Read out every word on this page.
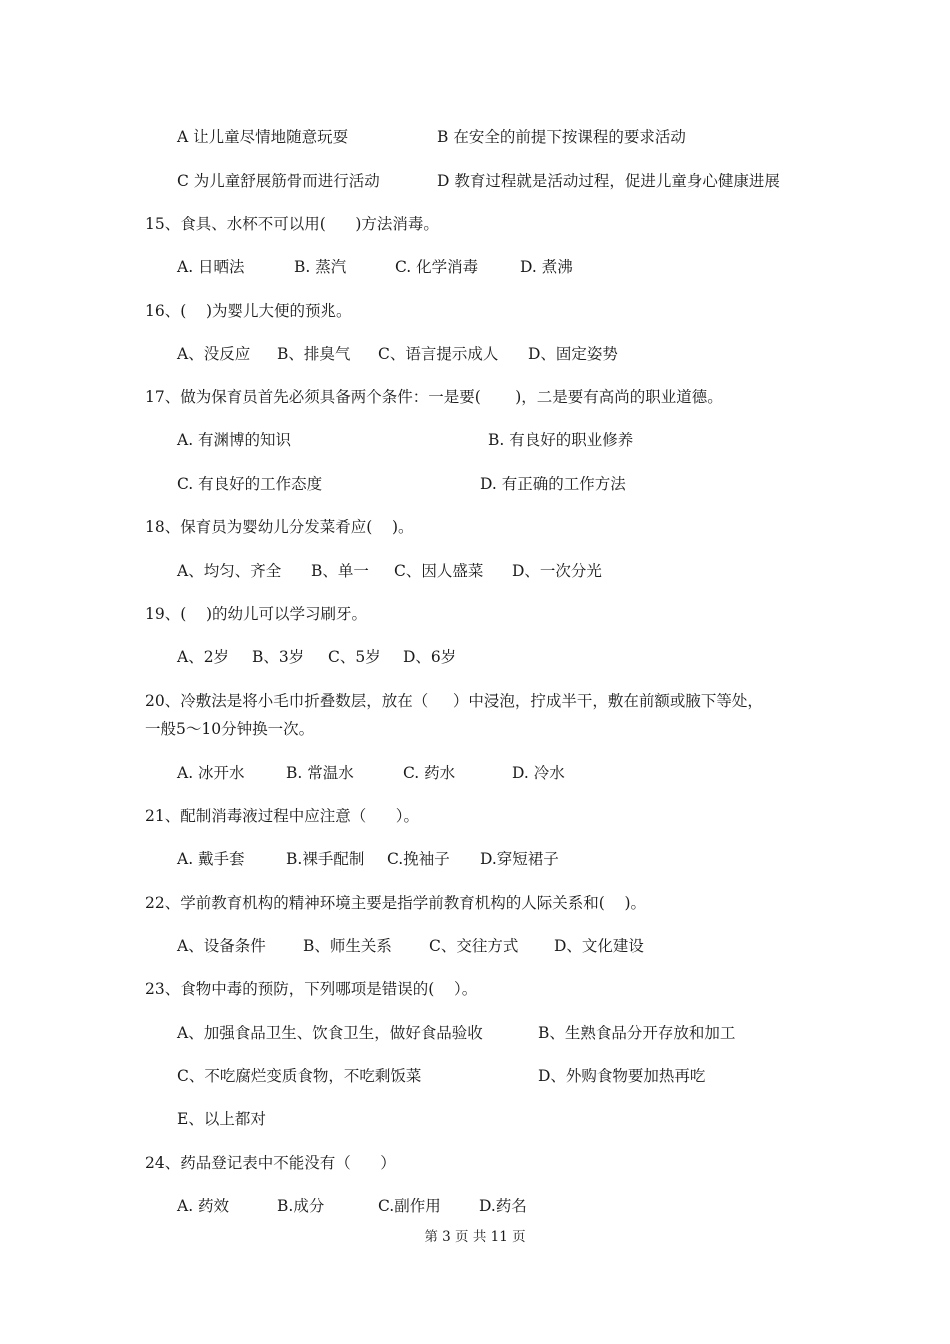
A 让儿童尽情地随意玩耍	B 在安全的前提下按课程的要求活动
C 为儿童舒展筋骨而进行活动	D 教育过程就是活动过程，促进儿童身心健康进展
15、食具、水杯不可以用(      )方法消毒。
A. 日晒法	B. 蒸汽	C. 化学消毒	D. 煮沸
16、(    )为婴儿大便的预兆。
A、没反应 B、排臭气 C、语言提示成人 D、固定姿势
17、做为保育员首先必须具备两个条件：一是要(       )，二是要有高尚的职业道德。
A. 有渊博的知识	B. 有良好的职业修养
C. 有良好的工作态度	D. 有正确的工作方法
18、保育员为婴幼儿分发菜肴应(    )。
A、均匀、齐全 B、单一 C、因人盛菜 D、一次分光
19、(    )的幼儿可以学习刷牙。
A、2岁 B、3岁 C、5岁 D、6岁
20、冷敷法是将小毛巾折叠数层，放在（     ）中浸泡，拧成半干，敷在前额或腋下等处，
一般5～10分钟换一次。
A. 冰开水	B. 常温水	C. 药水	D. 冷水
21、配制消毒液过程中应注意（      ）。
A. 戴手套	B.裸手配制 C.挽袖子 D.穿短裙子
22、学前教育机构的精神环境主要是指学前教育机构的人际关系和(    )。
A、设备条件 B、师生关系 C、交往方式 D、文化建设
23、食物中毒的预防，下列哪项是错误的(    ）。
A、加强食品卫生、饮食卫生，做好食品验收	B、生熟食品分开存放和加工
C、不吃腐烂变质食物，不吃剩饭菜	D、外购食物要加热再吃
E、以上都对
24、药品登记表中不能没有（      ）
A. 药效	B.成分	C.副作用 D.药名
第 3 页 共 11 页
